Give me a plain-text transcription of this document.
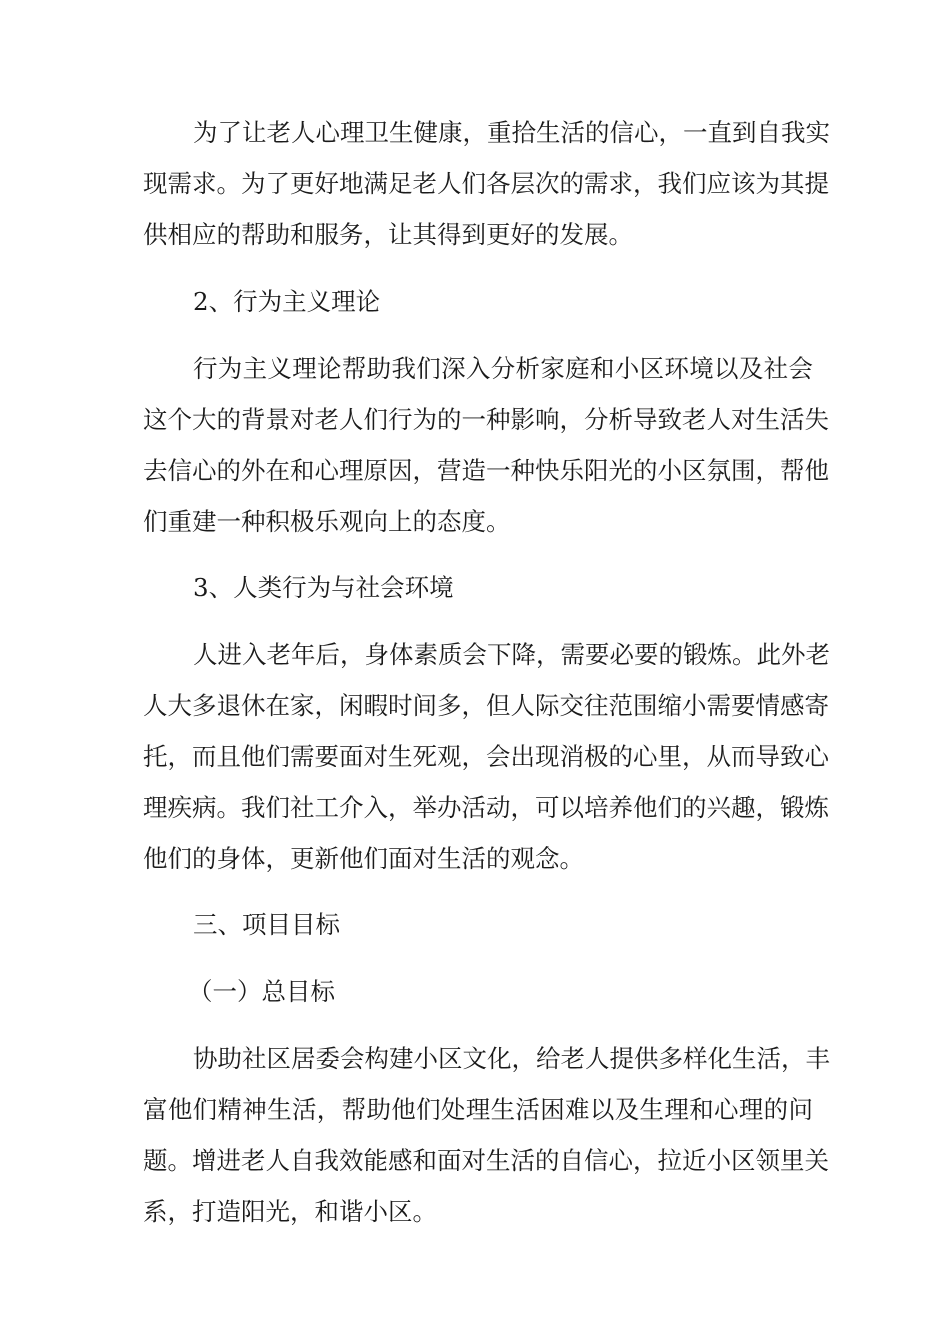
为了让老人心理卫生健康，重拾生活的信心，一直到自我实
现需求。为了更好地满足老人们各层次的需求，我们应该为其提
供相应的帮助和服务，让其得到更好的发展。
2、行为主义理论
行为主义理论帮助我们深入分析家庭和小区环境以及社会
这个大的背景对老人们行为的一种影响，分析导致老人对生活失
去信心的外在和心理原因，营造一种快乐阳光的小区氛围，帮他
们重建一种积极乐观向上的态度。
3、人类行为与社会环境
人进入老年后，身体素质会下降，需要必要的锻炼。此外老
人大多退休在家，闲暇时间多，但人际交往范围缩小需要情感寄
托，而且他们需要面对生死观，会出现消极的心里，从而导致心
理疾病。我们社工介入，举办活动，可以培养他们的兴趣，锻炼
他们的身体，更新他们面对生活的观念。
三、项目目标
（一）总目标
协助社区居委会构建小区文化，给老人提供多样化生活，丰
富他们精神生活，帮助他们处理生活困难以及生理和心理的问
题。增进老人自我效能感和面对生活的自信心，拉近小区领里关
系，打造阳光，和谐小区。
